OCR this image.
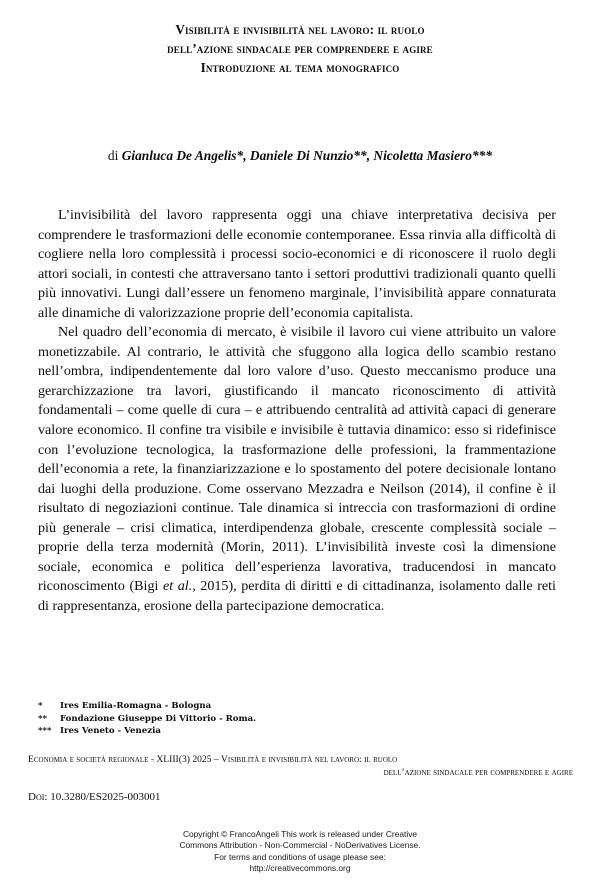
Visibilità e invisibilità nel lavoro: il ruolo
dell’azione sindacale per comprendere e agire
Introduzione al tema monografico
di Gianluca De Angelis*, Daniele Di Nunzio**, Nicoletta Masiero***

L’invisibilità del lavoro rappresenta oggi una chiave interpretativa decisiva per comprendere le trasformazioni delle economie contemporanee. Essa rinvia alla difficoltà di cogliere nella loro complessità i processi socio-economici e di riconoscere il ruolo degli attori sociali, in contesti che attraversano tanto i settori produttivi tradizionali quanto quelli più innovativi. Lungi dall’essere un fenomeno marginale, l’invisibilità appare connaturata alle dinamiche di valorizzazione proprie dell’economia capitalista.

Nel quadro dell’economia di mercato, è visibile il lavoro cui viene attribuito un valore monetizzabile. Al contrario, le attività che sfuggono alla logica dello scambio restano nell’ombra, indipendentemente dal loro valore d’uso. Questo meccanismo produce una gerarchizzazione tra lavori, giustificando il mancato riconoscimento di attività fondamentali – come quelle di cura – e attribuendo centralità ad attività capaci di generare valore economico. Il confine tra visibile e invisibile è tuttavia dinamico: esso si ridefinisce con l’evoluzione tecnologica, la trasformazione delle professioni, la frammentazione dell’economia a rete, la finanziarizzazione e lo spostamento del potere decisionale lontano dai luoghi della produzione. Come osservano Mezzadra e Neilson (2014), il confine è il risultato di negoziazioni continue. Tale dinamica si intreccia con trasformazioni di ordine più generale – crisi climatica, interdipendenza globale, crescente complessità sociale – proprie della terza modernità (Morin, 2011). L’invisibilità investe così la dimensione sociale, economica e politica dell’esperienza lavorativa, traducendosi in mancato riconoscimento (Bigi et al., 2015), perdita di diritti e di cittadinanza, isolamento dalle reti di rappresentanza, erosione della partecipazione democratica.

* Ires Emilia-Romagna - Bologna
** Fondazione Giuseppe Di Vittorio - Roma.
*** Ires Veneto - Venezia
Economia e società regionale - XLIII(3) 2025 – Visibilità e invisibilità nel lavoro: il ruolo
dell’azione sindacale per comprendere e agire
Doi: 10.3280/ES2025-003001
Copyright © FrancoAngeli This work is released under Creative
Commons Attribution - Non-Commercial - NoDerivatives License.
For terms and conditions of usage please see:
http://creativecommons.org
